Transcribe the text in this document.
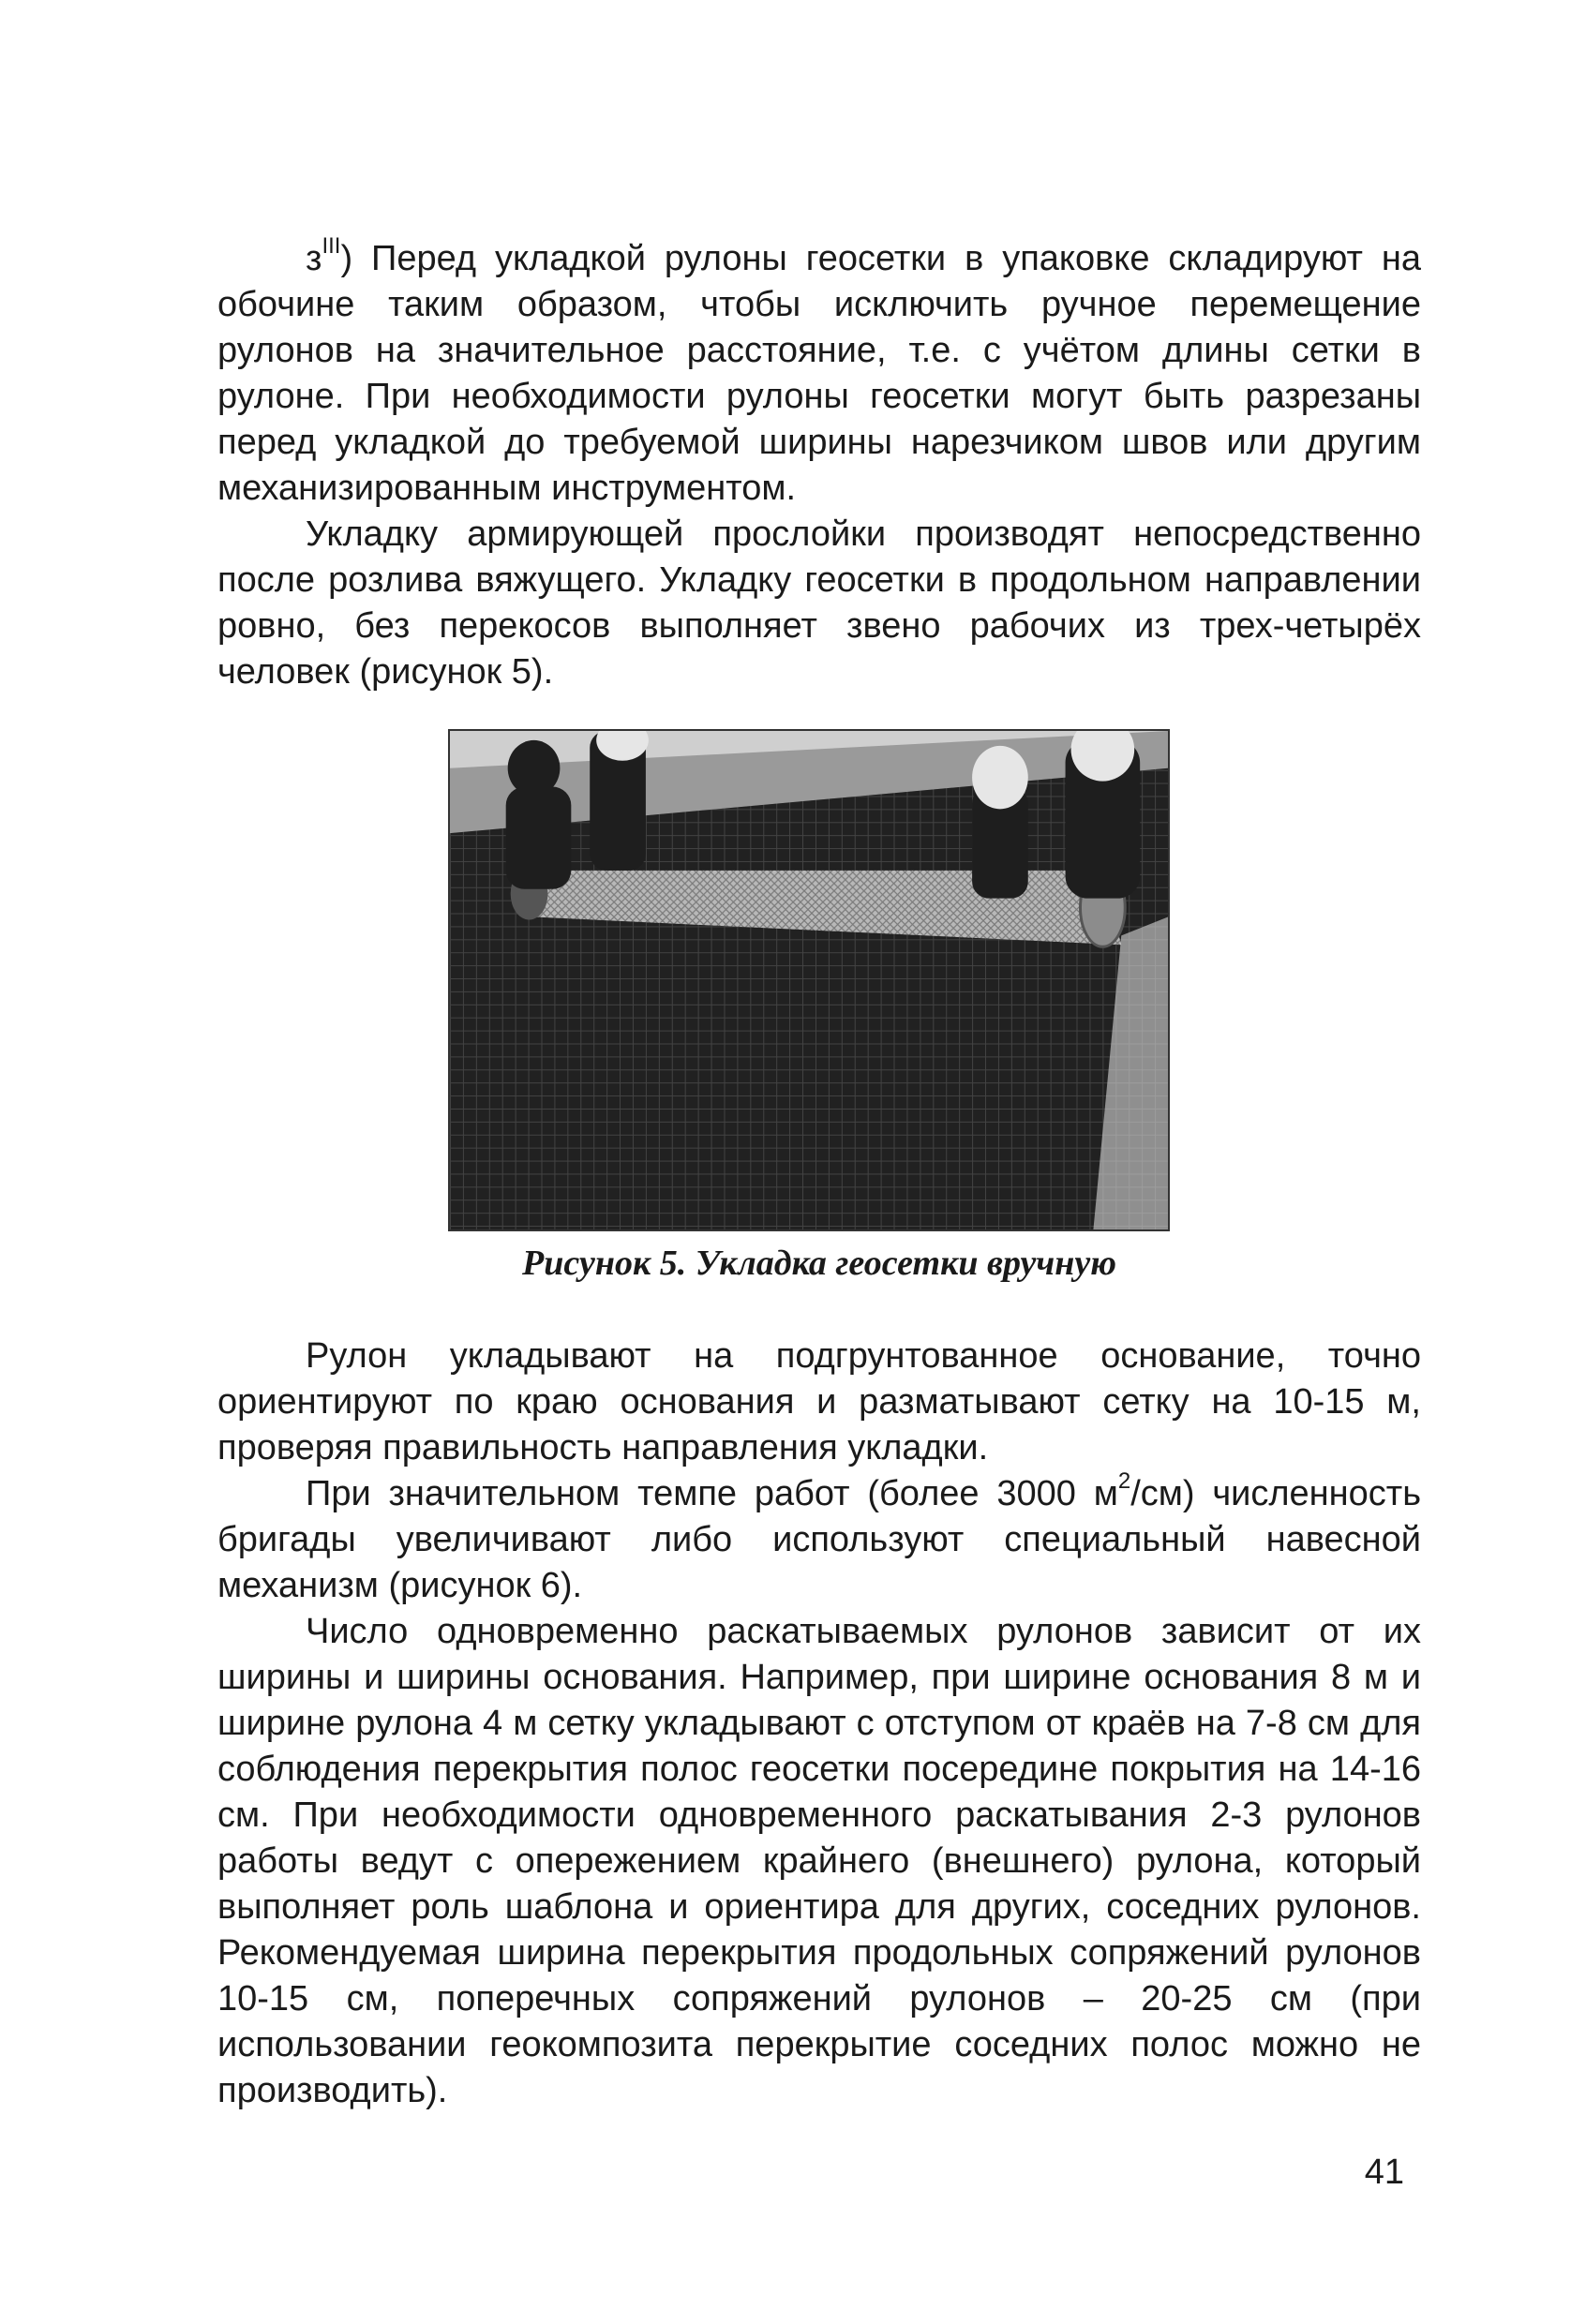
$з^{III}$) Перед укладкой рулоны геосетки в упаковке складируют на обочине таким образом, чтобы исключить ручное перемещение рулонов на значительное расстояние, т.е. с учётом длины сетки в рулоне. При необходимости рулоны геосетки могут быть разрезаны перед укладкой до требуемой ширины нарезчиком швов или другим механизированным инструментом.

Укладку армирующей прослойки производят непосредственно после розлива вяжущего. Укладку геосетки в продольном направлении ровно, без перекосов выполняет звено рабочих из трех-четырёх человек (рисунок 5).

Рисунок 5. Укладка геосетки вручную

Рулон укладывают на подгрунтованное основание, точно ориентируют по краю основания и разматывают сетку на 10-15 м, проверяя правильность направления укладки.

При значительном темпе работ (более 3000 $м^2/см$) численность бригады увеличивают либо используют специальный навесной механизм (рисунок 6).

Число одновременно раскатываемых рулонов зависит от их ширины и ширины основания. Например, при ширине основания 8 м и ширине рулона 4 м сетку укладывают с отступом от краёв на 7-8 см для соблюдения перекрытия полос геосетки посередине покрытия на 14-16 см. При необходимости одновременного раскатывания 2-3 рулонов работы ведут с опережением крайнего (внешнего) рулона, который выполняет роль шаблона и ориентира для других, соседних рулонов. Рекомендуемая ширина перекрытия продольных сопряжений рулонов 10-15 см, поперечных сопряжений рулонов – 20-25 см (при использовании геокомпозита перекрытие соседних полос можно не производить).

41
